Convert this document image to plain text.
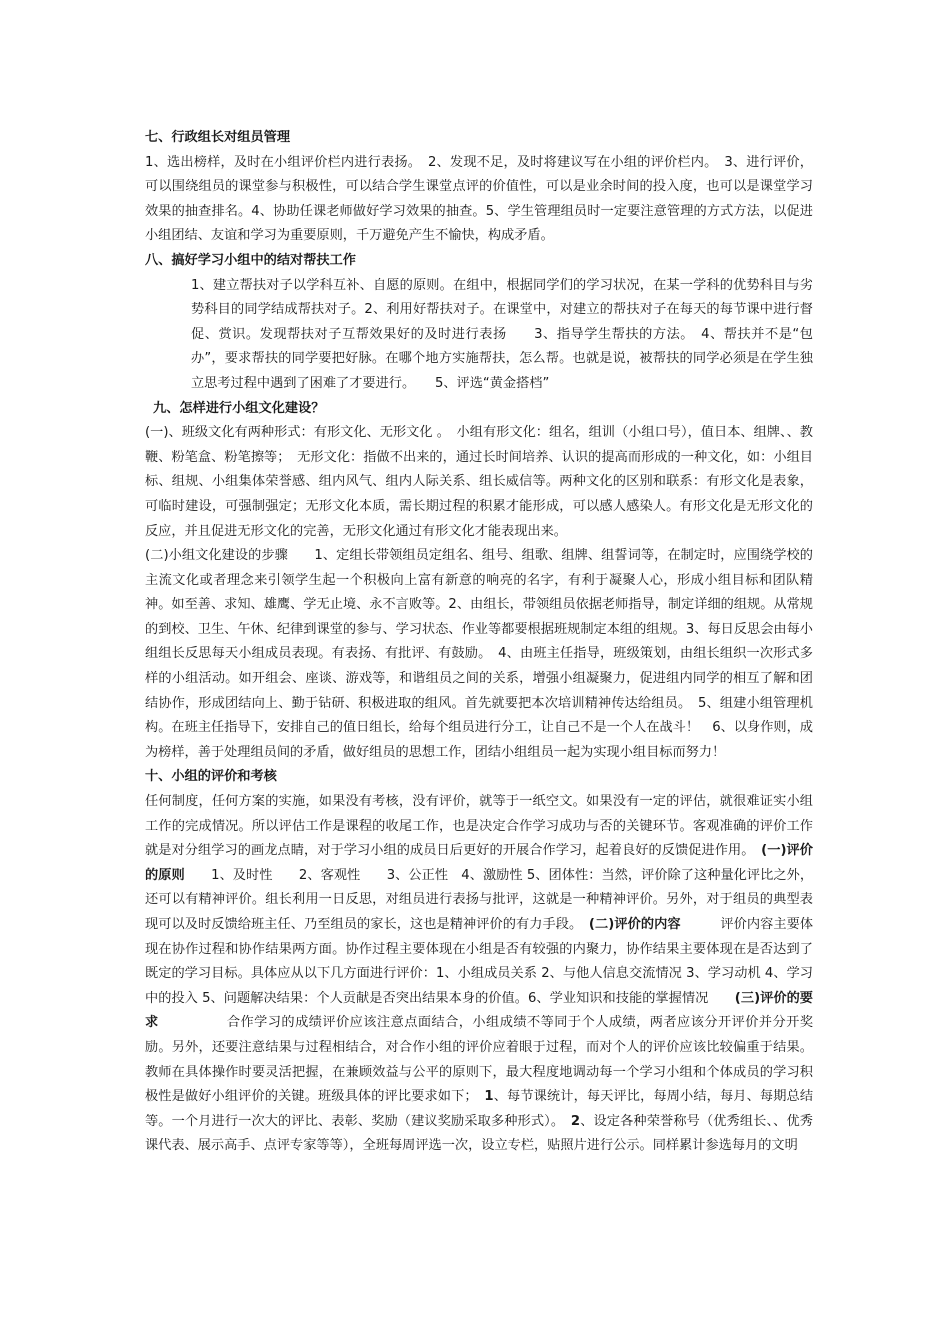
七、行政组长对组员管理

1、选出榜样，及时在小组评价栏内进行表扬。　2、发现不足，及时将建议写在小组的评价栏内。　3、进行评价，可以围绕组员的课堂参与积极性，可以结合学生课堂点评的价值性，可以是业余时间的投入度，也可以是课堂学习效果的抽查排名。4、协助任课老师做好学习效果的抽查。5、学生管理组员时一定要注意管理的方式方法，以促进小组团结、友谊和学习为重要原则，千万避免产生不愉快，构成矛盾。

八、搞好学习小组中的结对帮扶工作

1、建立帮扶对子以学科互补、自愿的原则。在组中，根据同学们的学习状况，在某一学科的优势科目与劣势科目的同学结成帮扶对子。2、利用好帮扶对子。在课堂中，对建立的帮扶对子在每天的每节课中进行督促、赏识。发现帮扶对子互帮效果好的及时进行表扬　　3、指导学生帮扶的方法。　4、帮扶并不是“包办”，要求帮扶的同学要把好脉。在哪个地方实施帮扶，怎么帮。也就是说，被帮扶的同学必须是在学生独立思考过程中遇到了困难了才要进行。　　5、评选“黄金搭档”

九、怎样进行小组文化建设？

(一)、班级文化有两种形式：有形文化、无形文化 。　小组有形文化：组名，组训（小组口号），值日本、组牌、、教鞭、粉笔盒、粉笔擦等；　无形文化：指做不出来的，通过长时间培养、认识的提高而形成的一种文化，如：小组目标、组规、小组集体荣誉感、组内风气、组内人际关系、组长威信等。两种文化的区别和联系：有形文化是表象，可临时建设，可强制强定；无形文化本质，需长期过程的积累才能形成，可以感人感染人。有形文化是无形文化的反应，并且促进无形文化的完善，无形文化通过有形文化才能表现出来。

(二)小组文化建设的步骤　　1、定组长带领组员定组名、组号、组歌、组牌、组誓词等，在制定时，应围绕学校的主流文化或者理念来引领学生起一个积极向上富有新意的响亮的名字，有利于凝聚人心，形成小组目标和团队精神。如至善、求知、雄鹰、学无止境、永不言败等。2、由组长，带领组员依据老师指导，制定详细的组规。从常规的到校、卫生、午休、纪律到课堂的参与、学习状态、作业等都要根据班规制定本组的组规。3、每日反思会由每小组组长反思每天小组成员表现。有表扬、有批评、有鼓励。　4、由班主任指导，班级策划，由组长组织一次形式多样的小组活动。如开组会、座谈、游戏等，和谐组员之间的关系，增强小组凝聚力，促进组内同学的相互了解和团结协作，形成团结向上、勤于钻研、积极进取的组风。首先就要把本次培训精神传达给组员。　5、组建小组管理机构。在班主任指导下，安排自己的值日组长，给每个组员进行分工，让自己不是一个人在战斗！　6、以身作则，成为榜样，善于处理组员间的矛盾，做好组员的思想工作，团结小组组员一起为实现小组目标而努力！

十、小组的评价和考核

任何制度，任何方案的实施，如果没有考核，没有评价，就等于一纸空文。如果没有一定的评估，就很难证实小组工作的完成情况。所以评估工作是课程的收尾工作，也是决定合作学习成功与否的关键环节。客观准确的评价工作就是对分组学习的画龙点睛，对于学习小组的成员日后更好的开展合作学习，起着良好的反馈促进作用。　(一)评价的原则　　1、及时性　　2、客观性　　3、公正性　4、激励性 5、团体性：当然，评价除了这种量化评比之外，还可以有精神评价。组长利用一日反思，对组员进行表扬与批评，这就是一种精神评价。另外，对于组员的典型表现可以及时反馈给班主任、乃至组员的家长，这也是精神评价的有力手段。　(二)评价的内容　　　评价内容主要体现在协作过程和协作结果两方面。协作过程主要体现在小组是否有较强的内聚力，协作结果主要体现在是否达到了既定的学习目标。具体应从以下几方面进行评价：1、小组成员关系 2、与他人信息交流情况 3、学习动机 4、学习中的投入 5、问题解决结果：个人贡献是否突出结果本身的价值。6、学业知识和技能的掌握情况　　(三)评价的要求　　　　　合作学习的成绩评价应该注意点面结合，小组成绩不等同于个人成绩，两者应该分开评价并分开奖励。另外，还要注意结果与过程相结合，对合作小组的评价应着眼于过程，而对个人的评价应该比较偏重于结果。教师在具体操作时要灵活把握，在兼顾效益与公平的原则下，最大程度地调动每一个学习小组和个体成员的学习积极性是做好小组评价的关键。班级具体的评比要求如下；　1、每节课统计，每天评比，每周小结，每月、每期总结等。一个月进行一次大的评比、表彰、奖励（建议奖励采取多种形式）。　2、设定各种荣誉称号（优秀组长、、优秀课代表、展示高手、点评专家等等），全班每周评选一次，设立专栏，贴照片进行公示。同样累计参选每月的文明
